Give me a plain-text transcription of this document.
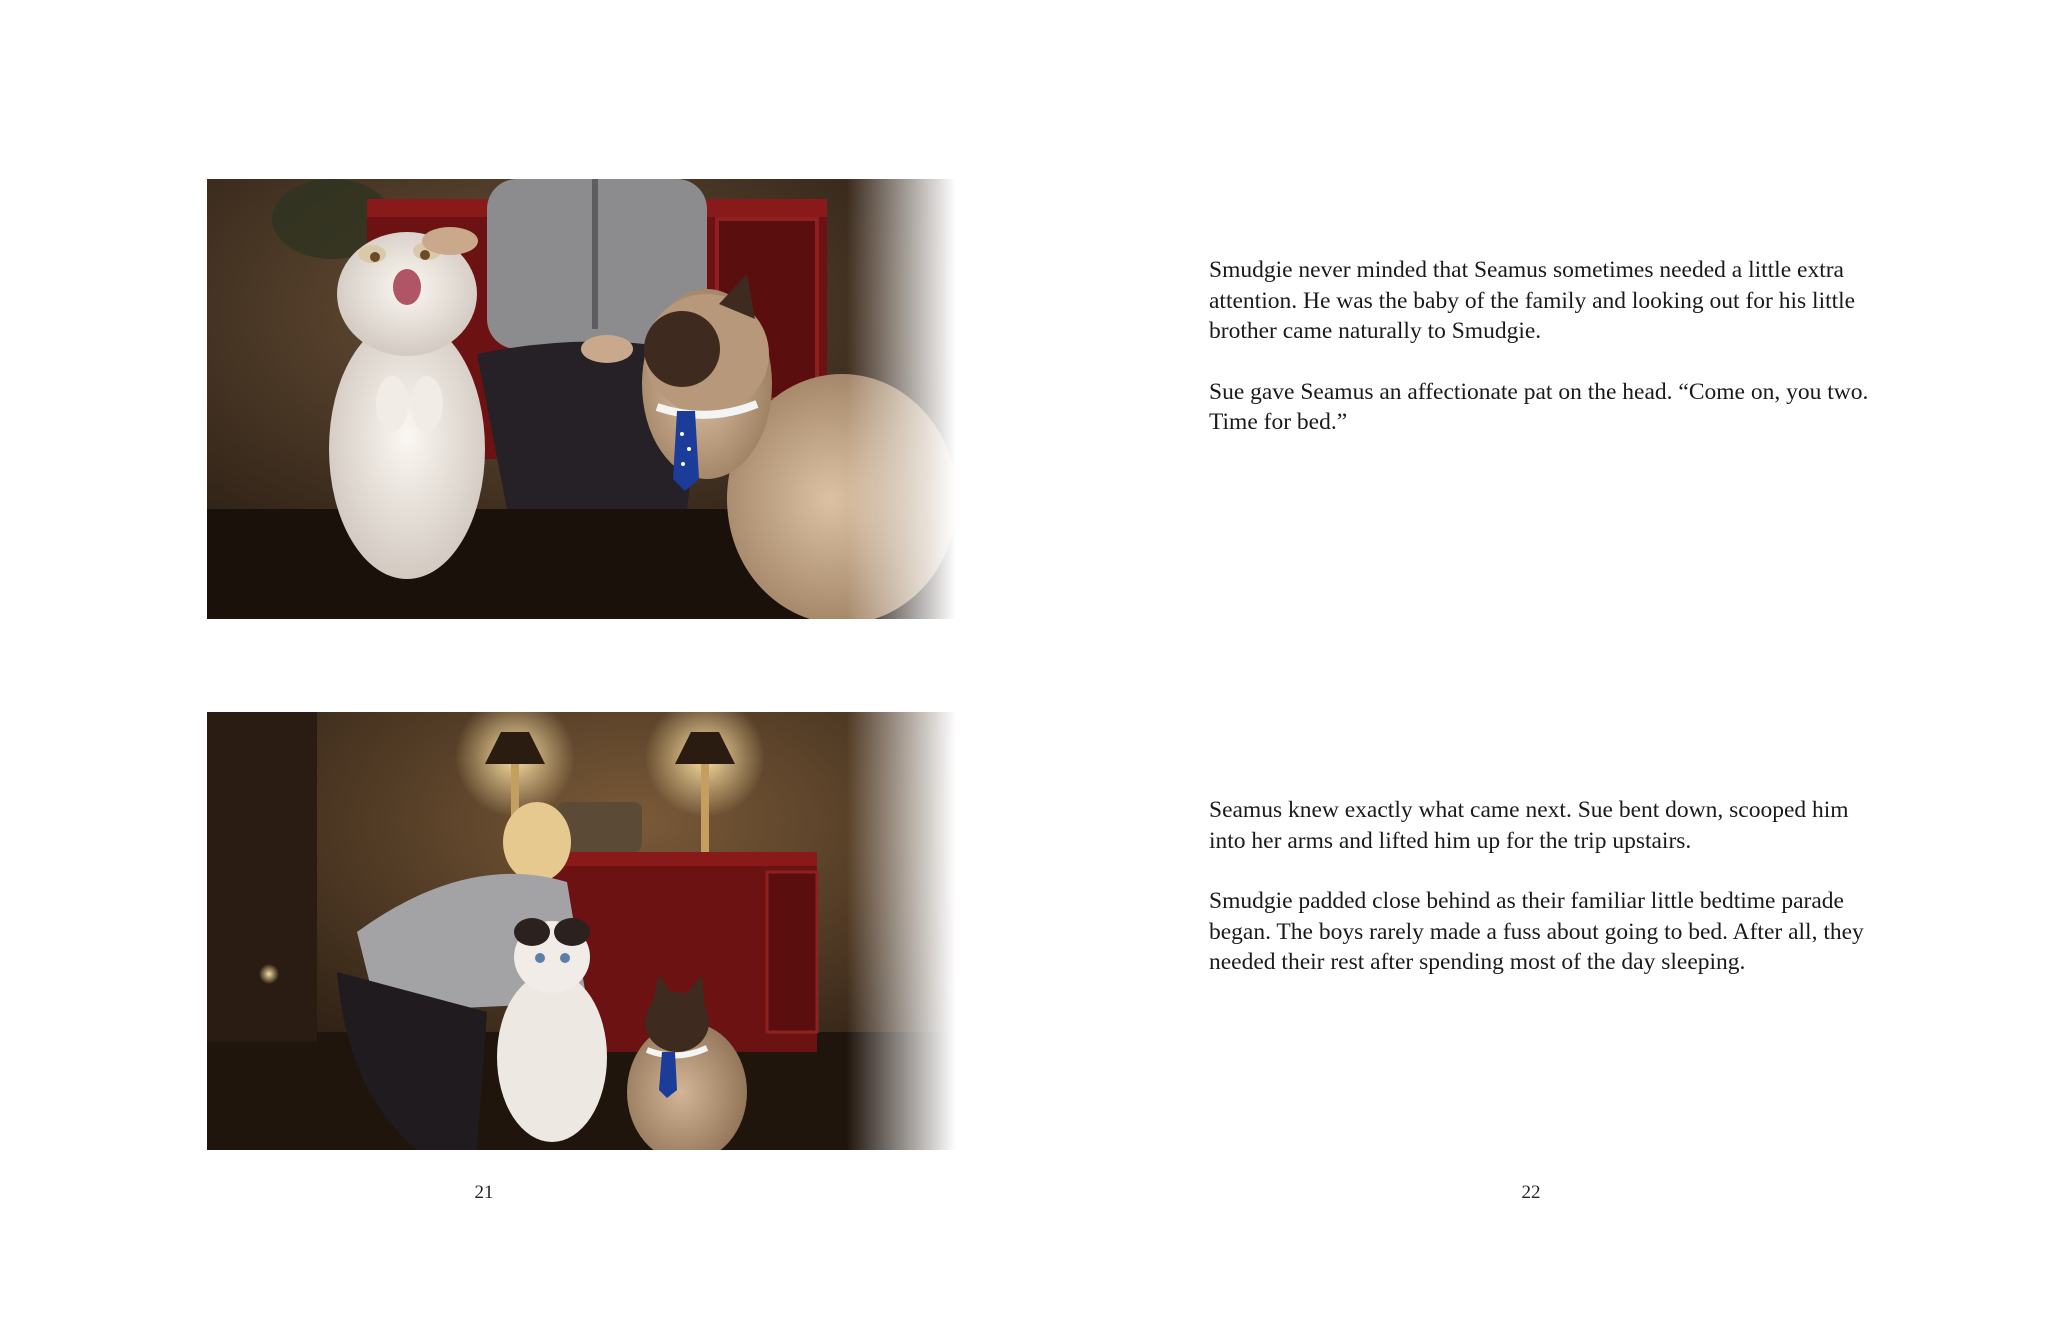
21

Smudgie never minded that Seamus sometimes needed a little extra attention. He was the baby of the family and looking out for his little brother came naturally to Smudgie.

Sue gave Seamus an affectionate pat on the head. “Come on, you two. Time for bed.”

Seamus knew exactly what came next. Sue bent down, scooped him into her arms and lifted him up for the trip upstairs.

Smudgie padded close behind as their familiar little bedtime parade began. The boys rarely made a fuss about going to bed. After all, they needed their rest after spending most of the day sleeping.

22
